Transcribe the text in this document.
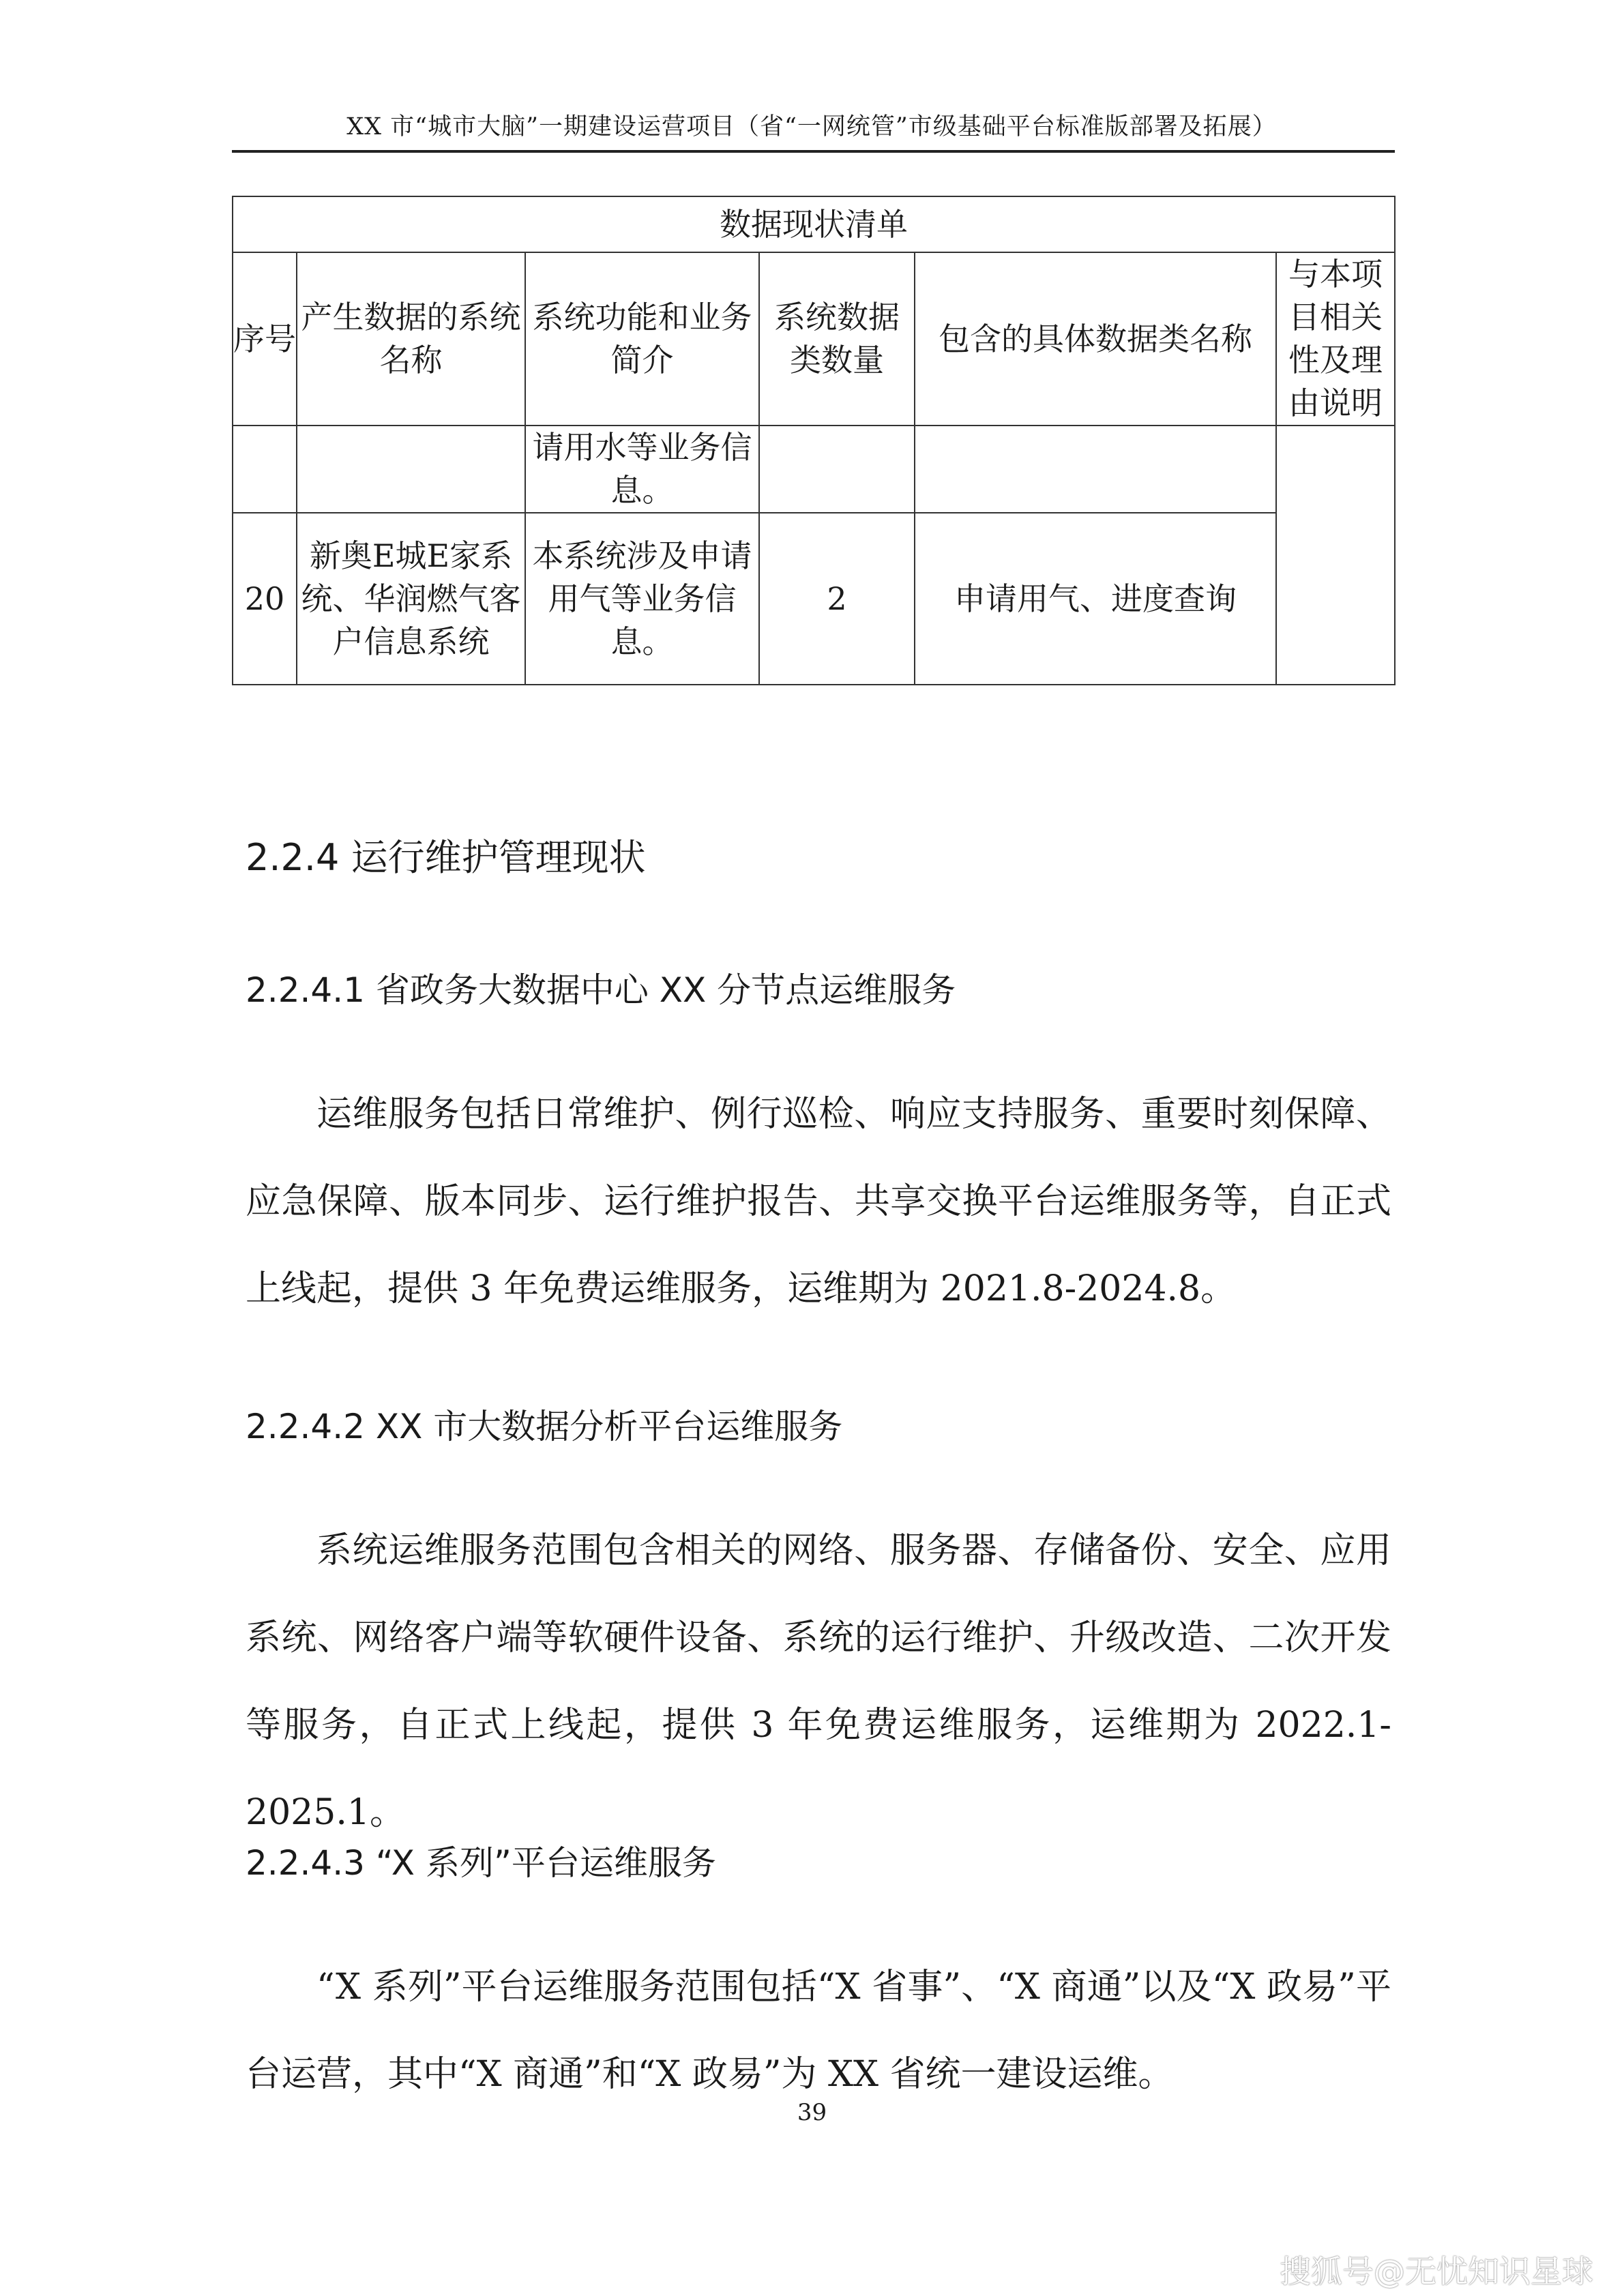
XX 市“城市大脑”一期建设运营项目（省“一网统管”市级基础平台标准版部署及拓展）
数据现状清单					
序号	产生数据的系统名称	系统功能和业务简介	系统数据类数量	包含的具体数据类名称	与本项目相关性及理由说明
		请用水等业务信息。			
20	新奥E城E家系统、华润燃气客户信息系统	本系统涉及申请用气等业务信息。	2	申请用气、进度查询	
2.2.4 运行维护管理现状
2.2.4.1 省政务大数据中心 XX 分节点运维服务
运维服务包括日常维护、例行巡检、响应支持服务、重要时刻保障、应急保障、版本同步、运行维护报告、共享交换平台运维服务等，自正式上线起，提供 3 年免费运维服务，运维期为 2021.8-2024.8。
2.2.4.2 XX 市大数据分析平台运维服务
系统运维服务范围包含相关的网络、服务器、存储备份、安全、应用系统、网络客户端等软硬件设备、系统的运行维护、升级改造、二次开发等服务，自正式上线起，提供 3 年免费运维服务，运维期为 2022.1-2025.1。
2.2.4.3 “X 系列”平台运维服务
“X 系列”平台运维服务范围包括“X 省事”、“X 商通”以及“X 政易”平台运营，其中“X 商通”和“X 政易”为 XX 省统一建设运维。
39
搜狐号@无忧知识星球
